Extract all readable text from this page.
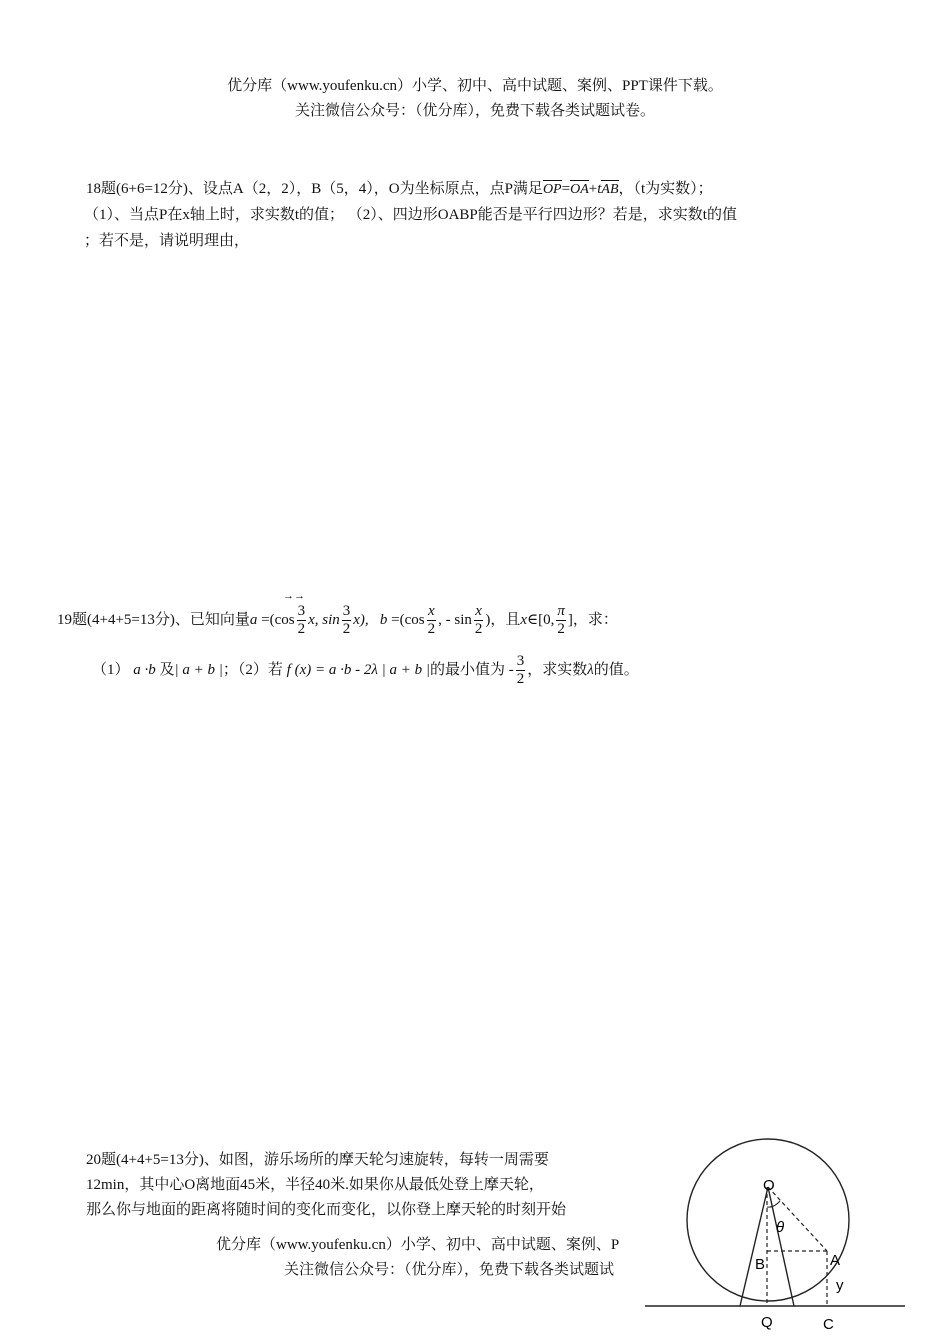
优分库（www.youfenku.cn）小学、初中、高中试题、案例、PPT课件下载。
关注微信公众号：（优分库），免费下载各类试题试卷。
18题(6+6=12分)、设点A（2，2），B（5，4），O为坐标原点，点P满足OP=OA+tAB，（t为实数）；
（1）、当点P在x轴上时，求实数t的值； （2）、四边形OABP能否是平行四边形？若是，求实数t的值
；若不是，请说明理由，
→→
19题(4+4+5=13分)、已知向量$a =(\cos \frac{3}{2} x$, $\sin \frac{3}{2} x$), $b =(\cos \frac{x}{2}$ , - $\sin \frac{x}{2}$ )，且x∈[0, $\frac{\pi}{2}$ ]，求：
（1） a ·b 及| a + b |；（2）若 f (x) = a ·b - 2λ | a + b |的最小值为 - $\frac{3}{2}$ ，求实数λ的值。
20题(4+4+5=13分)、如图，游乐场所的摩天轮匀速旋转，每转一周需要
12min，其中心O离地面45米，半径40米.如果你从最低处登上摩天轮，
那么你与地面的距离将随时间的变化而变化，以你登上摩天轮的时刻开始
优分库（www.youfenku.cn）小学、初中、高中试题、案例、P
关注微信公众号：（优分库），免费下载各类试题试
O
θ
A
B
y
Q	C
